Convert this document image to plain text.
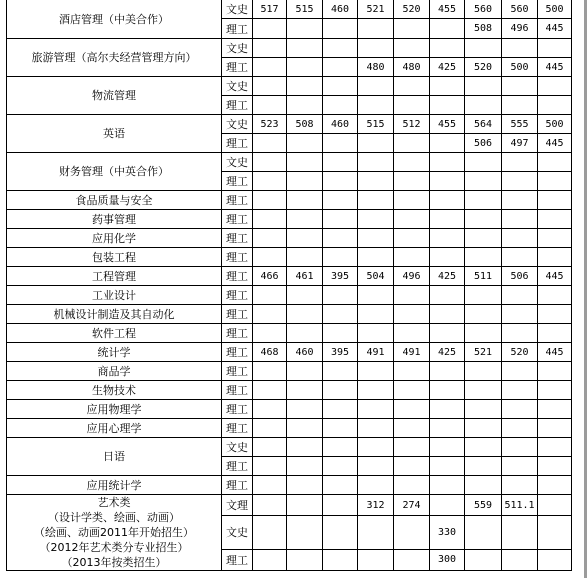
酒店管理（中美合作）	文史	517	515	460	521	520	455	560	560	500
	理工							508	496	445
旅游管理（高尔夫经营管理方向）	文史									
	理工				480	480	425	520	500	445
物流管理	文史									
	理工									
英语	文史	523	508	460	515	512	455	564	555	500
	理工							506	497	445
财务管理（中英合作）	文史									
	理工									
食品质量与安全	理工									
药事管理	理工									
应用化学	理工									
包装工程	理工									
工程管理	理工	466	461	395	504	496	425	511	506	445
工业设计	理工									
机械设计制造及其自动化	理工									
软件工程	理工									
统计学	理工	468	460	395	491	491	425	521	520	445
商品学	理工									
生物技术	理工									
应用物理学	理工									
应用心理学	理工									
日语	文史									
	理工									
应用统计学	理工									
艺术类
（设计学类、绘画、动画）
（绘画、动画2011年开始招生）
（2012年艺术类分专业招生）
（2013年按类招生）	文理				312	274		559	511.1	
	文史						330			
	理工						300			
